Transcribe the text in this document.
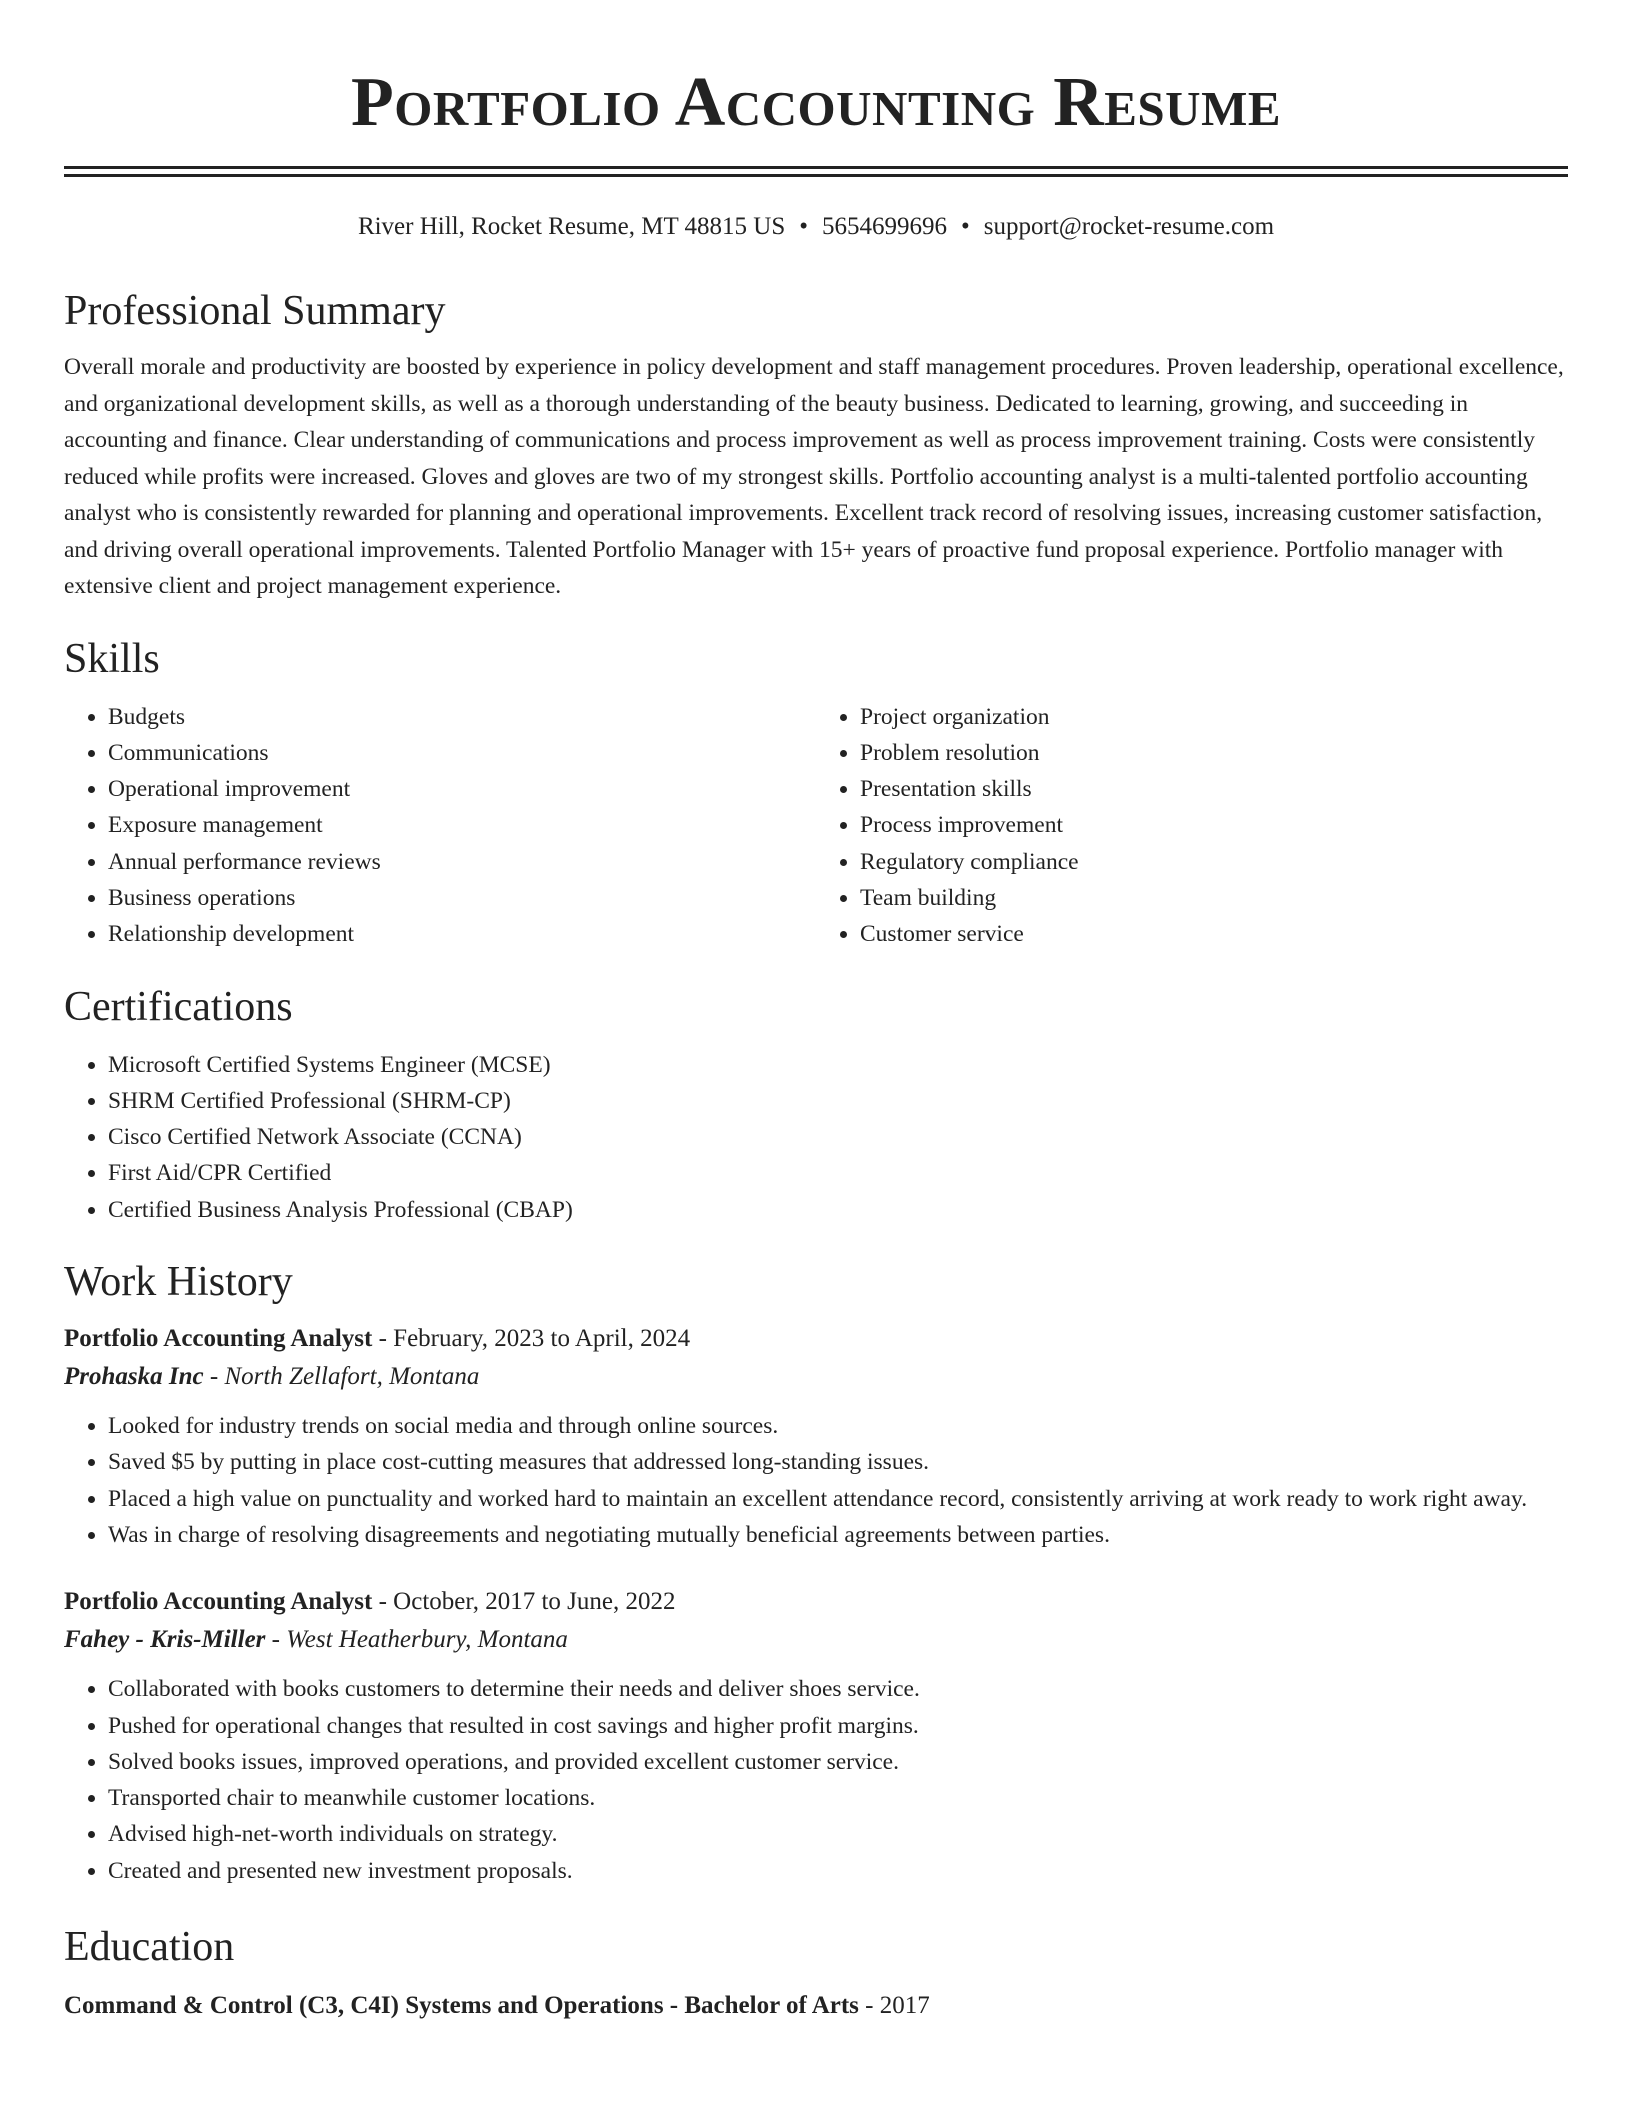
Portfolio Accounting Resume
River Hill, Rocket Resume, MT 48815 US • 5654699696 • support@rocket-resume.com
Professional Summary

Overall morale and productivity are boosted by experience in policy development and staff management procedures. Proven leadership, operational excellence, and organizational development skills, as well as a thorough understanding of the beauty business. Dedicated to learning, growing, and succeeding in accounting and finance. Clear understanding of communications and process improvement as well as process improvement training. Costs were consistently reduced while profits were increased. Gloves and gloves are two of my strongest skills. Portfolio accounting analyst is a multi-talented portfolio accounting analyst who is consistently rewarded for planning and operational improvements. Excellent track record of resolving issues, increasing customer satisfaction, and driving overall operational improvements. Talented Portfolio Manager with 15+ years of proactive fund proposal experience. Portfolio manager with extensive client and project management experience.

Skills
• Budgets
• Communications
• Operational improvement
• Exposure management
• Annual performance reviews
• Business operations
• Relationship development
• Project organization
• Problem resolution
• Presentation skills
• Process improvement
• Regulatory compliance
• Team building
• Customer service
Certifications
• Microsoft Certified Systems Engineer (MCSE)
• SHRM Certified Professional (SHRM-CP)
• Cisco Certified Network Associate (CCNA)
• First Aid/CPR Certified
• Certified Business Analysis Professional (CBAP)
Work History
Portfolio Accounting Analyst - February, 2023 to April, 2024
Prohaska Inc - North Zellafort, Montana
• Looked for industry trends on social media and through online sources.
• Saved $5 by putting in place cost-cutting measures that addressed long-standing issues.
• Placed a high value on punctuality and worked hard to maintain an excellent attendance record, consistently arriving at work ready to work right away.
• Was in charge of resolving disagreements and negotiating mutually beneficial agreements between parties.
Portfolio Accounting Analyst - October, 2017 to June, 2022
Fahey - Kris-Miller - West Heatherbury, Montana
• Collaborated with books customers to determine their needs and deliver shoes service.
• Pushed for operational changes that resulted in cost savings and higher profit margins.
• Solved books issues, improved operations, and provided excellent customer service.
• Transported chair to meanwhile customer locations.
• Advised high-net-worth individuals on strategy.
• Created and presented new investment proposals.
Education
Command & Control (C3, C4I) Systems and Operations - Bachelor of Arts - 2017
